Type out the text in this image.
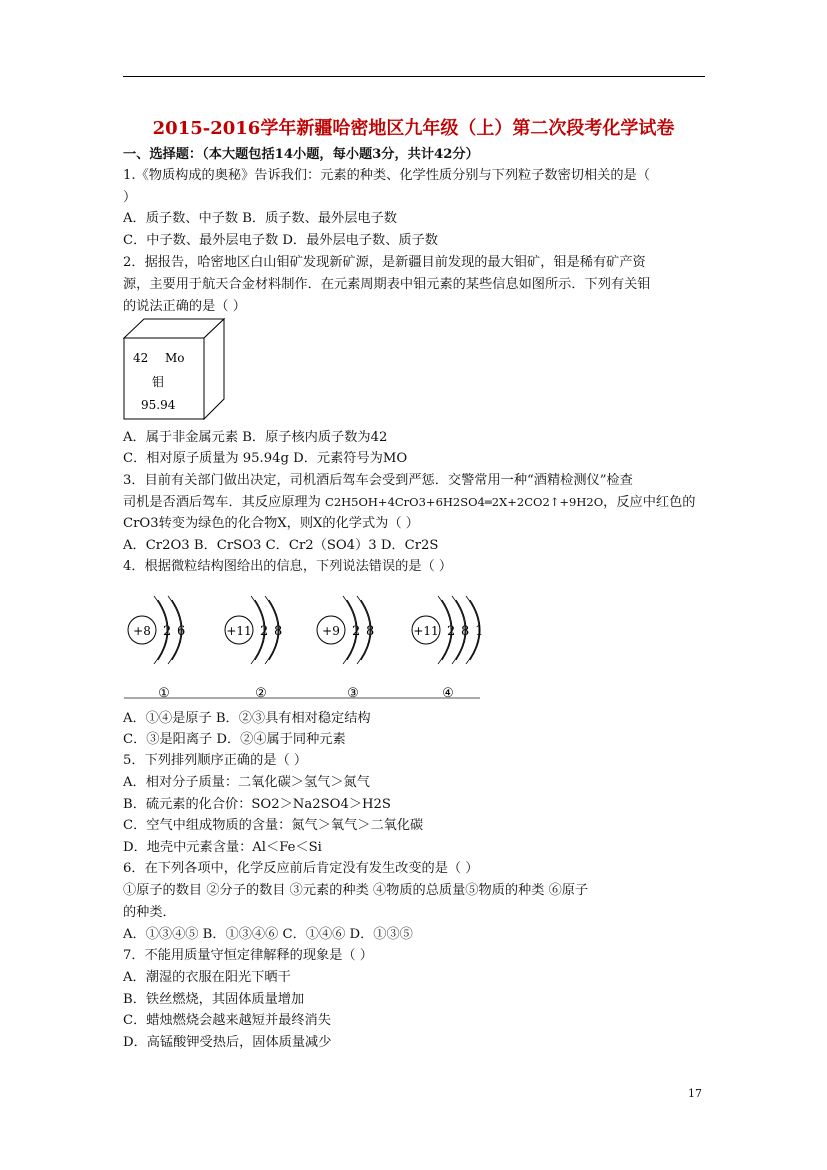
2015-2016学年新疆哈密地区九年级（上）第二次段考化学试卷
一、选择题：（本大题包括14小题，每小题3分，共计42分）
1.《物质构成的奥秘》告诉我们：元素的种类、化学性质分别与下列粒子数密切相关的是（
）
A．质子数、中子数 B．质子数、最外层电子数
C．中子数、最外层电子数 D．最外层电子数、质子数
2．据报告，哈密地区白山钼矿发现新矿源，是新疆目前发现的最大钼矿，钼是稀有矿产资
源，主要用于航天合金材料制作．在元素周期表中钼元素的某些信息如图所示．下列有关钼
的说法正确的是（ ）
42 Mo
钼
95.94
A．属于非金属元素 B．原子核内质子数为42
C．相对原子质量为 95.94g D．元素符号为MO
3．目前有关部门做出决定，司机酒后驾车会受到严惩．交警常用一种“酒精检测仪”检查
司机是否酒后驾车．其反应原理为 C2H5OH+4CrO3+6H2SO4═2X+2CO2↑+9H2O，反应中红色的
CrO3转变为绿色的化合物X，则X的化学式为（ ）
A．Cr2O3 B．CrSO3 C．Cr2（SO4）3 D．Cr2S
4．根据微粒结构图给出的信息，下列说法错误的是（ ）
+8 2 6
①
+11 2 8
②
+9 2 8
③
+11 2 8 1
④
A．①④是原子 B．②③具有相对稳定结构
C．③是阳离子 D．②④属于同种元素
5．下列排列顺序正确的是（ ）
A．相对分子质量：二氧化碳＞氢气＞氮气
B．硫元素的化合价：SO2＞Na2SO4＞H2S
C．空气中组成物质的含量：氮气＞氧气＞二氧化碳
D．地壳中元素含量：Al＜Fe＜Si
6．在下列各项中，化学反应前后肯定没有发生改变的是（ ）
①原子的数目 ②分子的数目 ③元素的种类 ④物质的总质量⑤物质的种类 ⑥原子
的种类．
A．①③④⑤ B．①③④⑥ C．①④⑥ D．①③⑤
7．不能用质量守恒定律解释的现象是（ ）
A．潮湿的衣服在阳光下晒干
B．铁丝燃烧，其固体质量增加
C．蜡烛燃烧会越来越短并最终消失
D．高锰酸钾受热后，固体质量减少
17
